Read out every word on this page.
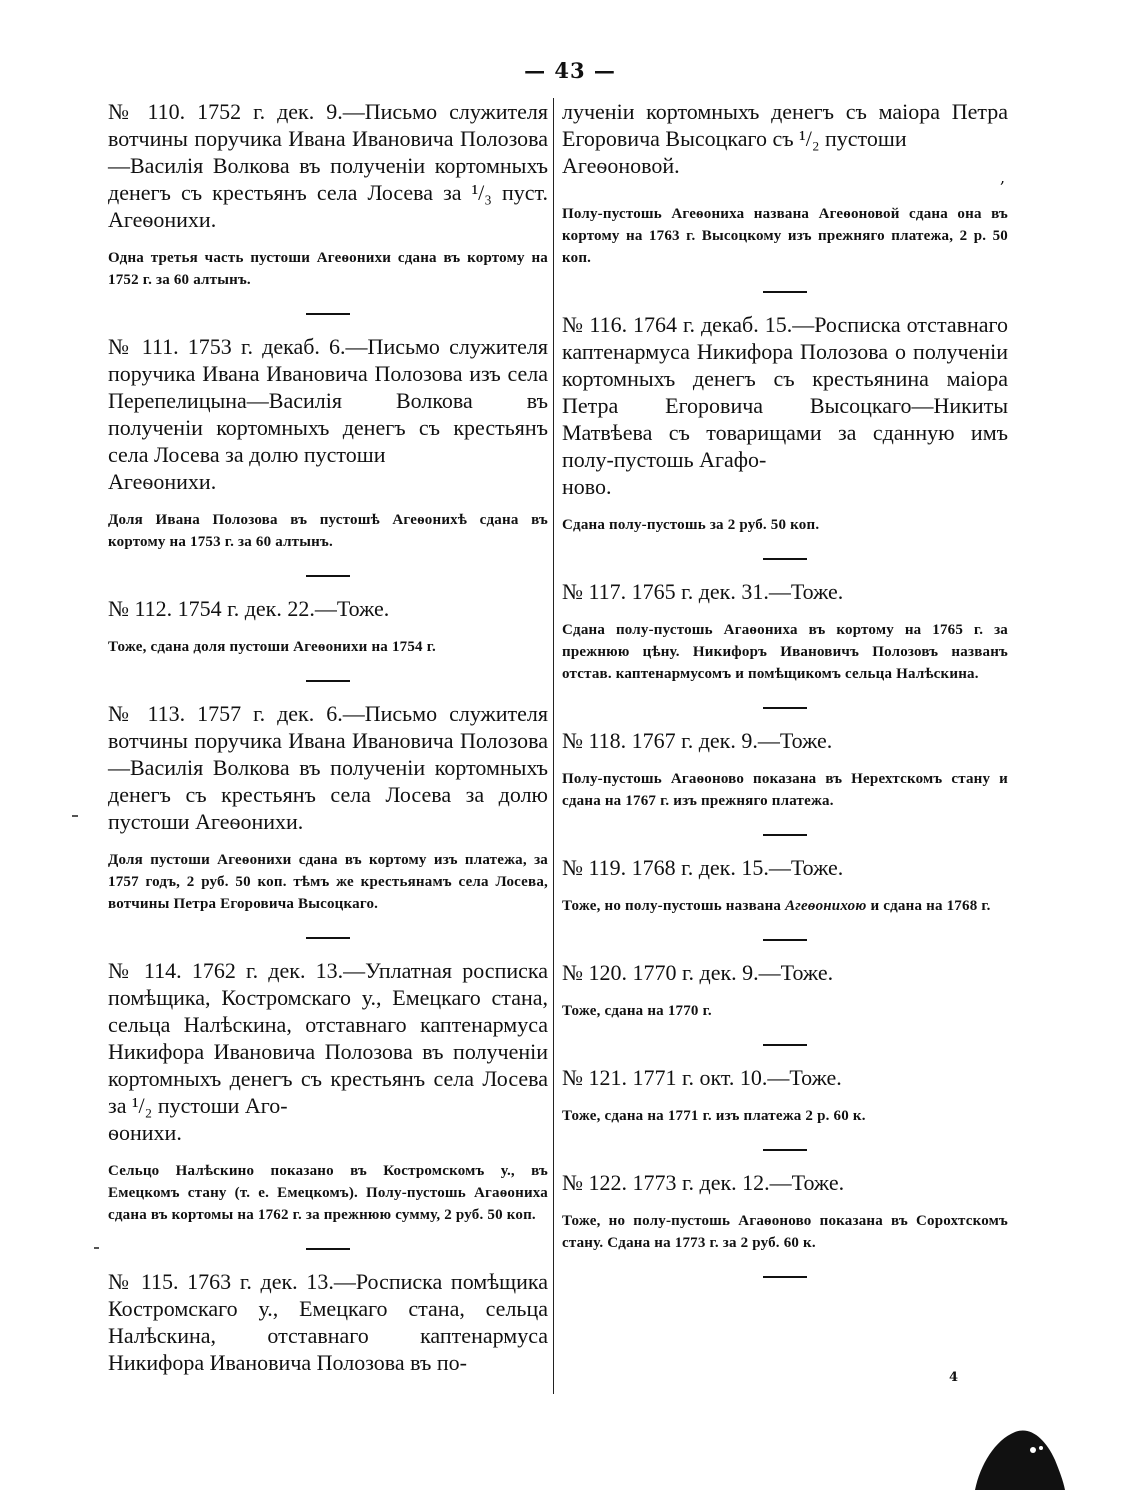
— 43 —

№ 110. 1752 г. дек. 9.—Письмо служителя вотчины поручика Ивана Ивановича Полозова—Василія Волкова въ полученіи кортомныхъ денегъ съ крестьянъ села Лосева за ¹/₃ пуст. Агеѳонихи.

Одна третья часть пустоши Агеѳонихи сдана въ кортому на 1752 г. за 60 алтынъ.

№ 111. 1753 г. декаб. 6.—Письмо служителя поручика Ивана Ивановича Полозова изъ села Перепелицына—Василія Волкова въ полученіи кортомныхъ денегъ съ крестьянъ села Лосева за долю пустоши
Агеѳонихи.

Доля Ивана Полозова въ пустошѣ Агеѳонихѣ сдана въ кортому на 1753 г. за 60 алтынъ.

№ 112. 1754 г. дек. 22.—Тоже.

Тоже, сдана доля пустоши Агеѳонихи на 1754 г.

№ 113. 1757 г. дек. 6.—Письмо служителя вотчины поручика Ивана Ивановича Полозова—Василія Волкова въ полученіи кортомныхъ денегъ съ крестьянъ села Лосева за долю пустоши Агеѳонихи.

Доля пустоши Агеѳонихи сдана въ кортому изъ платежа, за 1757 годъ, 2 руб. 50 коп. тѣмъ же крестьянамъ села Лосева, вотчины Петра Егоровича Высоцкаго.

№ 114. 1762 г. дек. 13.—Уплатная росписка помѣщика, Костромскаго у., Емецкаго стана, сельца Налѣскина, отставнаго каптенармуса Никифора Ивановича Полозова въ полученіи кортомныхъ денегъ съ крестьянъ села Лосева за ¹/₂ пустоши Аго-
ѳонихи.

Сельцо Налѣскино показано въ Костромскомъ у., въ Емецкомъ стану (т. е. Емецкомъ). Полу-пустошь Агаѳониха сдана въ кортомы на 1762 г. за прежнюю сумму, 2 руб. 50 коп.

№ 115. 1763 г. дек. 13.—Росписка помѣщика Костромскаго у., Емецкаго стана, сельца Налѣскина, отставнаго каптенармуса Никифора Ивановича Полозова въ по-

лученіи кортомныхъ денегъ съ маіора Петра Егоровича Высоцкаго съ ¹/₂ пустоши
Агеѳоновой.

Полу-пустошь Агеѳониха названа Агеѳоновой сдана она въ кортому на 1763 г. Высоцкому изъ прежняго платежа, 2 р. 50 коп.

№ 116. 1764 г. декаб. 15.—Росписка отставнаго каптенармуса Никифора Полозова о полученіи кортомныхъ денегъ съ крестьянина маіора Петра Егоровича Высоцкаго—Никиты Матвѣева съ товарищами за сданную имъ полу-пустошь Агафо-
ново.

Сдана полу-пустошь за 2 руб. 50 коп.

№ 117. 1765 г. дек. 31.—Тоже.

Сдана полу-пустошь Агаѳониха въ кортому на 1765 г. за прежнюю цѣну. Никифоръ Ивановичъ Полозовъ названъ отстав. каптенармусомъ и помѣщикомъ сельца Налѣскина.

№ 118. 1767 г. дек. 9.—Тоже.

Полу-пустошь Агаѳоново показана въ Нерехтскомъ стану и сдана на 1767 г. изъ прежняго платежа.

№ 119. 1768 г. дек. 15.—Тоже.

Тоже, но полу-пустошь названа Агеѳонихою и сдана на 1768 г.

№ 120. 1770 г. дек. 9.—Тоже.

Тоже, сдана на 1770 г.

№ 121. 1771 г. окт. 10.—Тоже.

Тоже, сдана на 1771 г. изъ платежа 2 р. 60 к.

№ 122. 1773 г. дек. 12.—Тоже.

Тоже, но полу-пустошь Агаѳоново показана въ Сорохтскомъ стану. Сдана на 1773 г. за 2 руб. 60 к.

4
,
